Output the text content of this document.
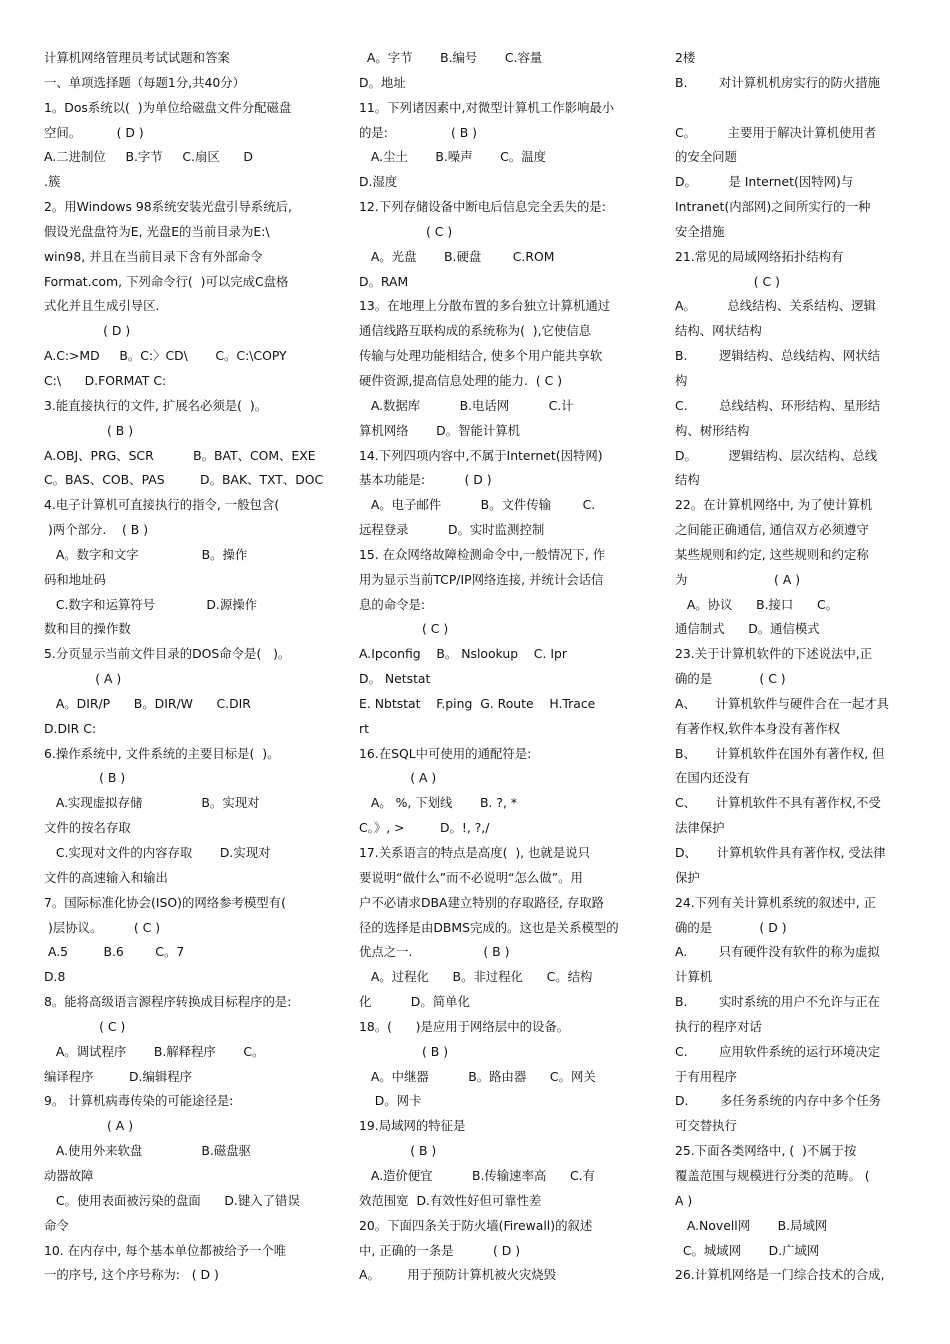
计算机网络管理员考试试题和答案
一、单项选择题（每题1分,共40分）
1。Dos系统以(  )为单位给磁盘文件分配磁盘
空间。         ( D )
A.二进制位     B.字节     C.扇区      D
.簇
2。用Windows 98系统安装光盘引导系统后,
假设光盘盘符为E, 光盘E的当前目录为E:\
win98, 并且在当前目录下含有外部命令
Format.com, 下列命令行(  )可以完成C盘格
式化并且生成引导区.
( D )
A.C:>MD     B。C:〉CD\       C。C:\COPY
C:\      D.FORMAT C:
3.能直接执行的文件, 扩展名必须是(  )。
( B )
A.OBJ、PRG、SCR          B。BAT、COM、EXE
C。BAS、COB、PAS         D。BAK、TXT、DOC
4.电子计算机可直接执行的指令, 一般包含(
)两个部分.    ( B )
A。数字和文字                B。操作
码和地址码
C.数字和运算符号             D.源操作
数和目的操作数
5.分页显示当前文件目录的DOS命令是(   )。
( A )
A。DIR/P      B。DIR/W      C.DIR
D.DIR C:
6.操作系统中, 文件系统的主要目标是(  )。
( B )
A.实现虚拟存储               B。实现对
文件的按名存取
C.实现对文件的内容存取       D.实现对
文件的高速输入和输出
7。国际标准化协会(ISO)的网络参考模型有(
)层协议。        ( C )
A.5         B.6        C。7
D.8
8。能将高级语言源程序转换成目标程序的是:
( C )
A。调试程序       B.解释程序       C。
编译程序         D.编辑程序
9。 计算机病毒传染的可能途径是:
( A )
A.使用外来软盘               B.磁盘驱
动器故障
C。使用表面被污染的盘面      D.键入了错误
命令
10. 在内存中, 每个基本单位都被给予一个唯
一的序号, 这个序号称为:   ( D )
A。字节       B.编号       C.容量
D。地址
11。下列诸因素中,对微型计算机工作影响最小
的是:                ( B )
A.尘土       B.噪声       C。温度
D.湿度
12.下列存储设备中断电后信息完全丢失的是:
( C )
A。光盘       B.硬盘        C.ROM
D。RAM
13。在地理上分散布置的多台独立计算机通过
通信线路互联构成的系统称为(  ),它使信息
传输与处理功能相结合, 使多个用户能共享软
硬件资源,提高信息处理的能力.  ( C )
A.数据库          B.电话网          C.计
算机网络       D。智能计算机
14.下列四项内容中,不属于Internet(因特网)
基本功能是:          ( D )
A。电子邮件          B。文件传输        C.
远程登录          D。实时监测控制
15. 在众网络故障检测命令中,一般情况下, 作
用为显示当前TCP/IP网络连接, 并统计会话信
息的命令是:
( C )
A.Ipconfig    B。 Nslookup    C. Ipr
D。 Netstat
E. Nbtstat    F.ping  G. Route    H.Trace
rt
16.在SQL中可使用的通配符是:
( A )
A。 %, 下划线       B. ?, *
C。》, >         D。!, ?,/
17.关系语言的特点是高度(  ), 也就是说只
要说明“做什么”而不必说明“怎么做”。用
户不必请求DBA建立特别的存取路径, 存取路
径的选择是由DBMS完成的。这也是关系模型的
优点之一.                  ( B )
A。过程化      B。非过程化      C。结构
化          D。简单化
18。(      )是应用于网络层中的设备。
( B )
A。中继器          B。路由器      C。网关
D。网卡
19.局域网的特征是
( B )
A.造价便宜          B.传输速率高      C.有
效范围宽  D.有效性好但可靠性差
20。下面四条关于防火墙(Firewall)的叙述
中, 正确的一条是          ( D )
A。       用于预防计算机被火灾烧毁
2楼
B.        对计算机机房实行的防火措施
C。        主要用于解决计算机使用者
的安全问题
D。        是 Internet(因特网)与
Intranet(内部网)之间所实行的一种
安全措施
21.常见的局域网络拓扑结构有
( C )
A。        总线结构、关系结构、逻辑
结构、网状结构
B.        逻辑结构、总线结构、网状结
构
C.        总线结构、环形结构、星形结
构、树形结构
D。        逻辑结构、层次结构、总线
结构
22。在计算机网络中, 为了使计算机
之间能正确通信, 通信双方必须遵守
某些规则和约定, 这些规则和约定称
为                      ( A )
A。协议      B.接口      C。
通信制式      D。通信模式
23.关于计算机软件的下述说法中,正
确的是            ( C )
A、     计算机软件与硬件合在一起才具
有著作权,软件本身没有著作权
B、     计算机软件在国外有著作权, 但
在国内还没有
C、     计算机软件不具有著作权,不受
法律保护
D、     计算机软件具有著作权, 受法律
保护
24.下列有关计算机系统的叙述中, 正
确的是            ( D )
A.        只有硬件没有软件的称为虚拟
计算机
B.        实时系统的用户不允许与正在
执行的程序对话
C.        应用软件系统的运行环境决定
于有用程序
D.        多任务系统的内存中多个任务
可交替执行
25.下面各类网络中, (  )不属于按
覆盖范围与规模进行分类的范畴。 (
A )
A.Novell网       B.局域网
C。城域网       D.广域网
26.计算机网络是一门综合技术的合成,
